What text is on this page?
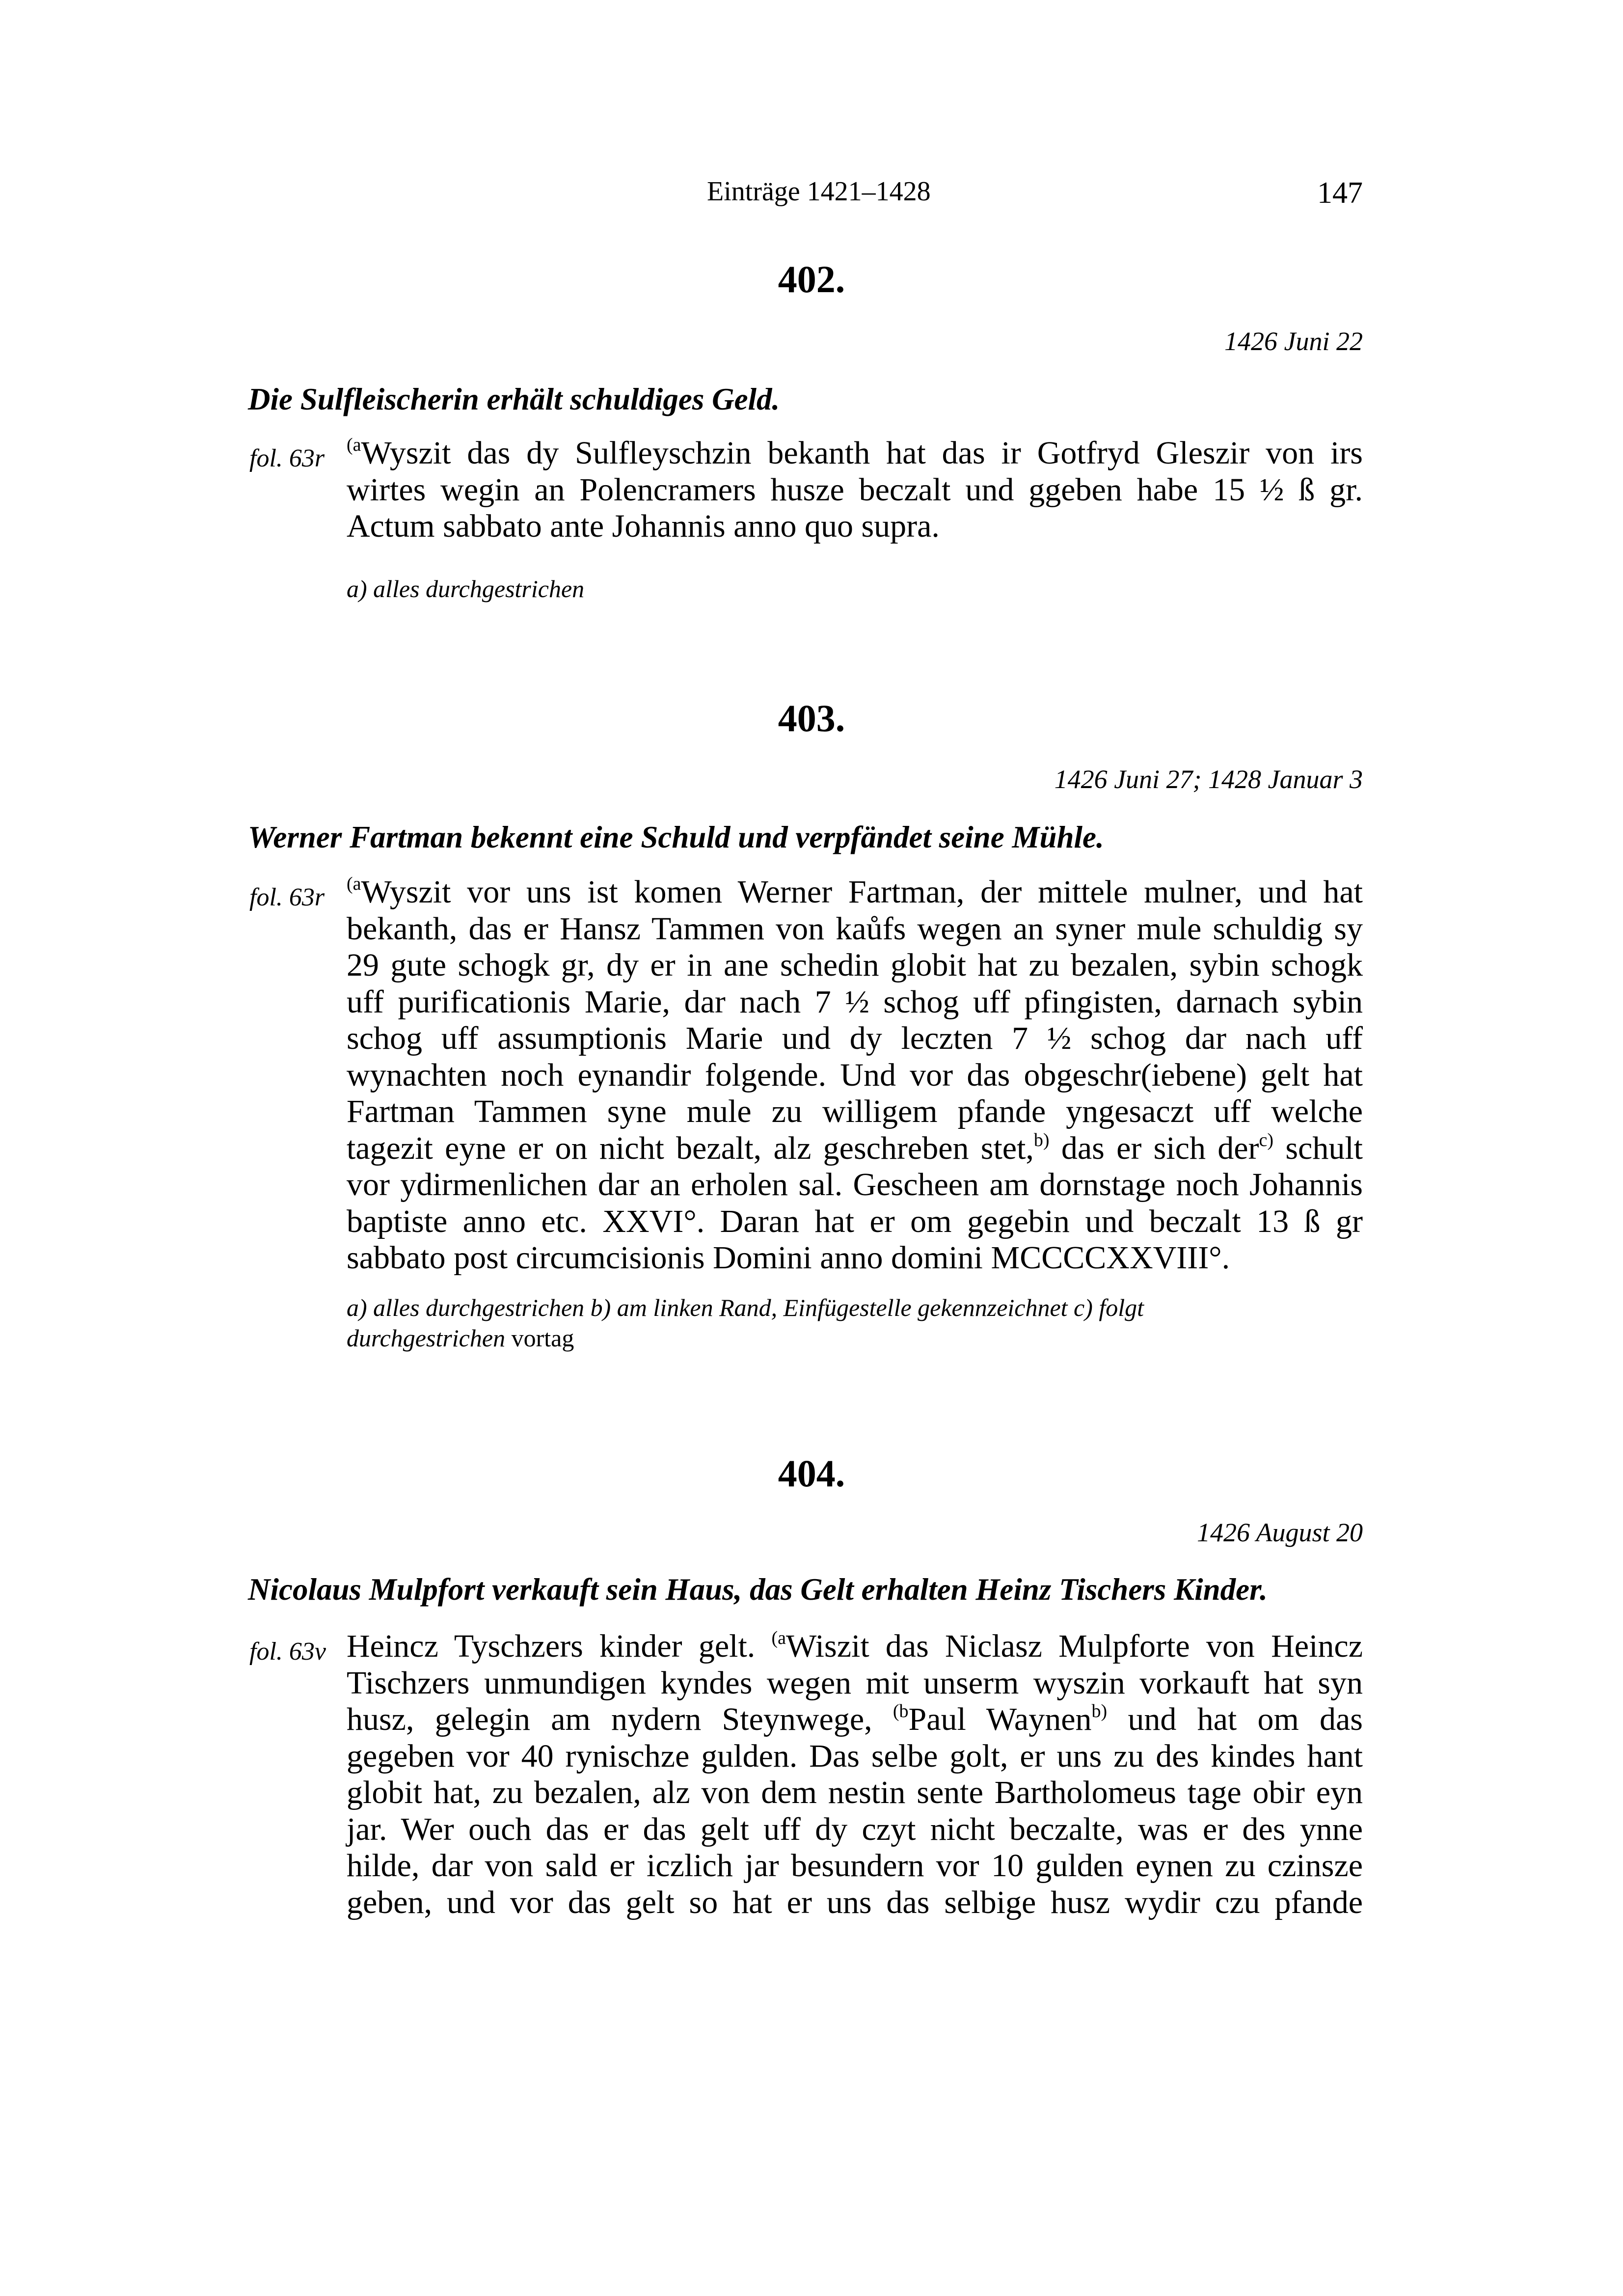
Einträge 1421–1428	147
402.
1426 Juni 22
Die Sulfleischerin erhält schuldiges Geld.
fol. 63r $^{(a}$Wyszit das dy Sulfleyschzin bekanth hat das ir Gotfryd Gleszir von irs
wirtes wegin an Polencramers husze beczalt und ggeben habe 15 ½ ß gr.
Actum sabbato ante Johannis anno quo supra.
a) alles durchgestrichen
403.
1426 Juni 27; 1428 Januar 3
Werner Fartman bekennt eine Schuld und verpfändet seine Mühle.
fol. 63r $^{(a}$Wyszit vor uns ist komen Werner Fartman, der mittele mulner, und hat
bekanth, das er Hansz Tammen von kaůfs wegen an syner mule schuldig sy
29 gute schogk gr, dy er in ane schedin globit hat zu bezalen, sybin schogk
uff purificationis Marie, dar nach 7 ½ schog uff pfingisten, darnach sybin
schog uff assumptionis Marie und dy leczten 7 ½ schog dar nach uff
wynachten noch eynandir folgende. Und vor das obgeschr(iebene) gelt hat
Fartman Tammen syne mule zu willigem pfande yngesaczt uff welche
tagezit eyne er on nicht bezalt, alz geschreben stet,$^{b)}$ das er sich der$^{c)}$ schult
vor ydirmenlichen dar an erholen sal. Gescheen am dornstage noch Johannis
baptiste anno etc. XXVI°. Daran hat er om gegebin und beczalt 13 ß gr
sabbato post circumcisionis Domini anno domini MCCCCXXVIII°.
a) alles durchgestrichen b) am linken Rand, Einfügestelle gekennzeichnet c) folgt
durchgestrichen vortag
404.
1426 August 20
Nicolaus Mulpfort verkauft sein Haus, das Gelt erhalten Heinz Tischers Kinder.
fol. 63v Heincz Tyschzers kinder gelt. $^{(a}$Wiszit das Niclasz Mulpforte von Heincz
Tischzers unmundigen kyndes wegen mit unserm wyszin vorkauft hat syn
husz, gelegin am nydern Steynwege, $^{(b}$Paul Waynen$^{b)}$ und hat om das
gegeben vor 40 rynischze gulden. Das selbe golt, er uns zu des kindes hant
globit hat, zu bezalen, alz von dem nestin sente Bartholomeus tage obir eyn
jar. Wer ouch das er das gelt uff dy czyt nicht beczalte, was er des ynne
hilde, dar von sald er iczlich jar besundern vor 10 gulden eynen zu czinsze
geben, und vor das gelt so hat er uns das selbige husz wydir czu pfande
